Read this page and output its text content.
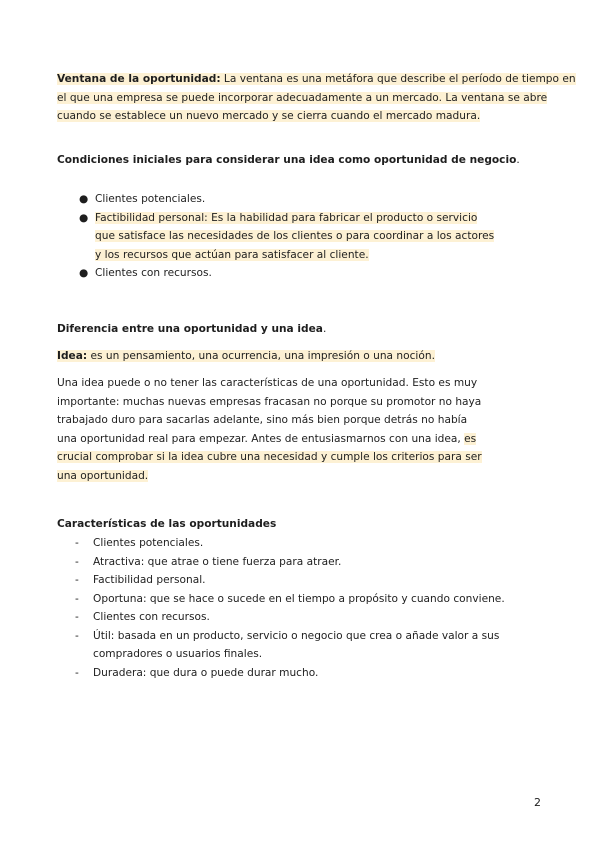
Ventana de la oportunidad: La ventana es una metáfora que describe el período de tiempo en
el que una empresa se puede incorporar adecuadamente a un mercado. La ventana se abre
cuando se establece un nuevo mercado y se cierra cuando el mercado madura.
Condiciones iniciales para considerar una idea como oportunidad de negocio.
● Clientes potenciales.
● Factibilidad personal: Es la habilidad para fabricar el producto o servicio
que satisface las necesidades de los clientes o para coordinar a los actores
y los recursos que actúan para satisfacer al cliente.
● Clientes con recursos.
Diferencia entre una oportunidad y una idea.
Idea: es un pensamiento, una ocurrencia, una impresión o una noción.
Una idea puede o no tener las características de una oportunidad. Esto es muy
importante: muchas nuevas empresas fracasan no porque su promotor no haya
trabajado duro para sacarlas adelante, sino más bien porque detrás no había
una oportunidad real para empezar. Antes de entusiasmarnos con una idea, es
crucial comprobar si la idea cubre una necesidad y cumple los criterios para ser
una oportunidad.
Características de las oportunidades
- Clientes potenciales.
- Atractiva: que atrae o tiene fuerza para atraer.
- Factibilidad personal.
- Oportuna: que se hace o sucede en el tiempo a propósito y cuando conviene.
- Clientes con recursos.
- Útil: basada en un producto, servicio o negocio que crea o añade valor a sus
compradores o usuarios finales.
- Duradera: que dura o puede durar mucho.
2
